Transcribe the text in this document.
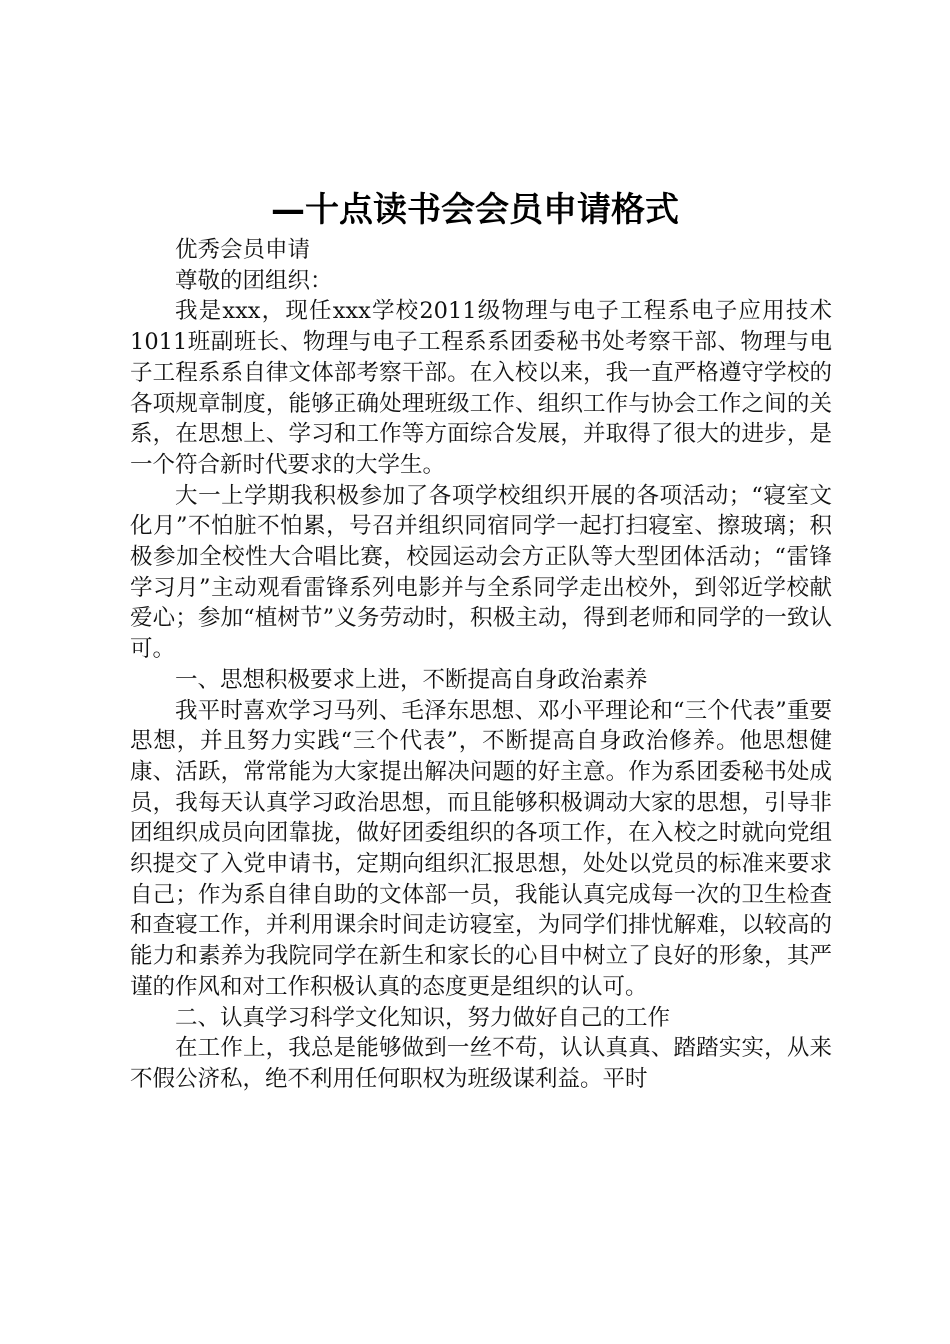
—十点读书会会员申请格式

优秀会员申请

尊敬的团组织：

我是xxx，现任xxx学校2011级物理与电子工程系电子应用技术1011班副班长、物理与电子工程系系团委秘书处考察干部、物理与电子工程系系自律文体部考察干部。在入校以来，我一直严格遵守学校的各项规章制度，能够正确处理班级工作、组织工作与协会工作之间的关系，在思想上、学习和工作等方面综合发展，并取得了很大的进步，是一个符合新时代要求的大学生。

大一上学期我积极参加了各项学校组织开展的各项活动；“寝室文化月”不怕脏不怕累，号召并组织同宿同学一起打扫寝室、擦玻璃；积极参加全校性大合唱比赛，校园运动会方正队等大型团体活动；“雷锋学习月”主动观看雷锋系列电影并与全系同学走出校外，到邻近学校献爱心；参加“植树节”义务劳动时，积极主动，得到老师和同学的一致认可。

一、思想积极要求上进，不断提高自身政治素养

我平时喜欢学习马列、毛泽东思想、邓小平理论和“三个代表”重要思想，并且努力实践“三个代表”，不断提高自身政治修养。他思想健康、活跃，常常能为大家提出解决问题的好主意。作为系团委秘书处成员，我每天认真学习政治思想，而且能够积极调动大家的思想，引导非团组织成员向团靠拢，做好团委组织的各项工作，在入校之时就向党组织提交了入党申请书，定期向组织汇报思想，处处以党员的标准来要求自己；作为系自律自助的文体部一员，我能认真完成每一次的卫生检查和查寝工作，并利用课余时间走访寝室，为同学们排忧解难，以较高的能力和素养为我院同学在新生和家长的心目中树立了良好的形象，其严谨的作风和对工作积极认真的态度更是组织的认可。

二、认真学习科学文化知识，努力做好自己的工作

在工作上，我总是能够做到一丝不苟，认认真真、踏踏实实，从来不假公济私，绝不利用任何职权为班级谋利益。平时
